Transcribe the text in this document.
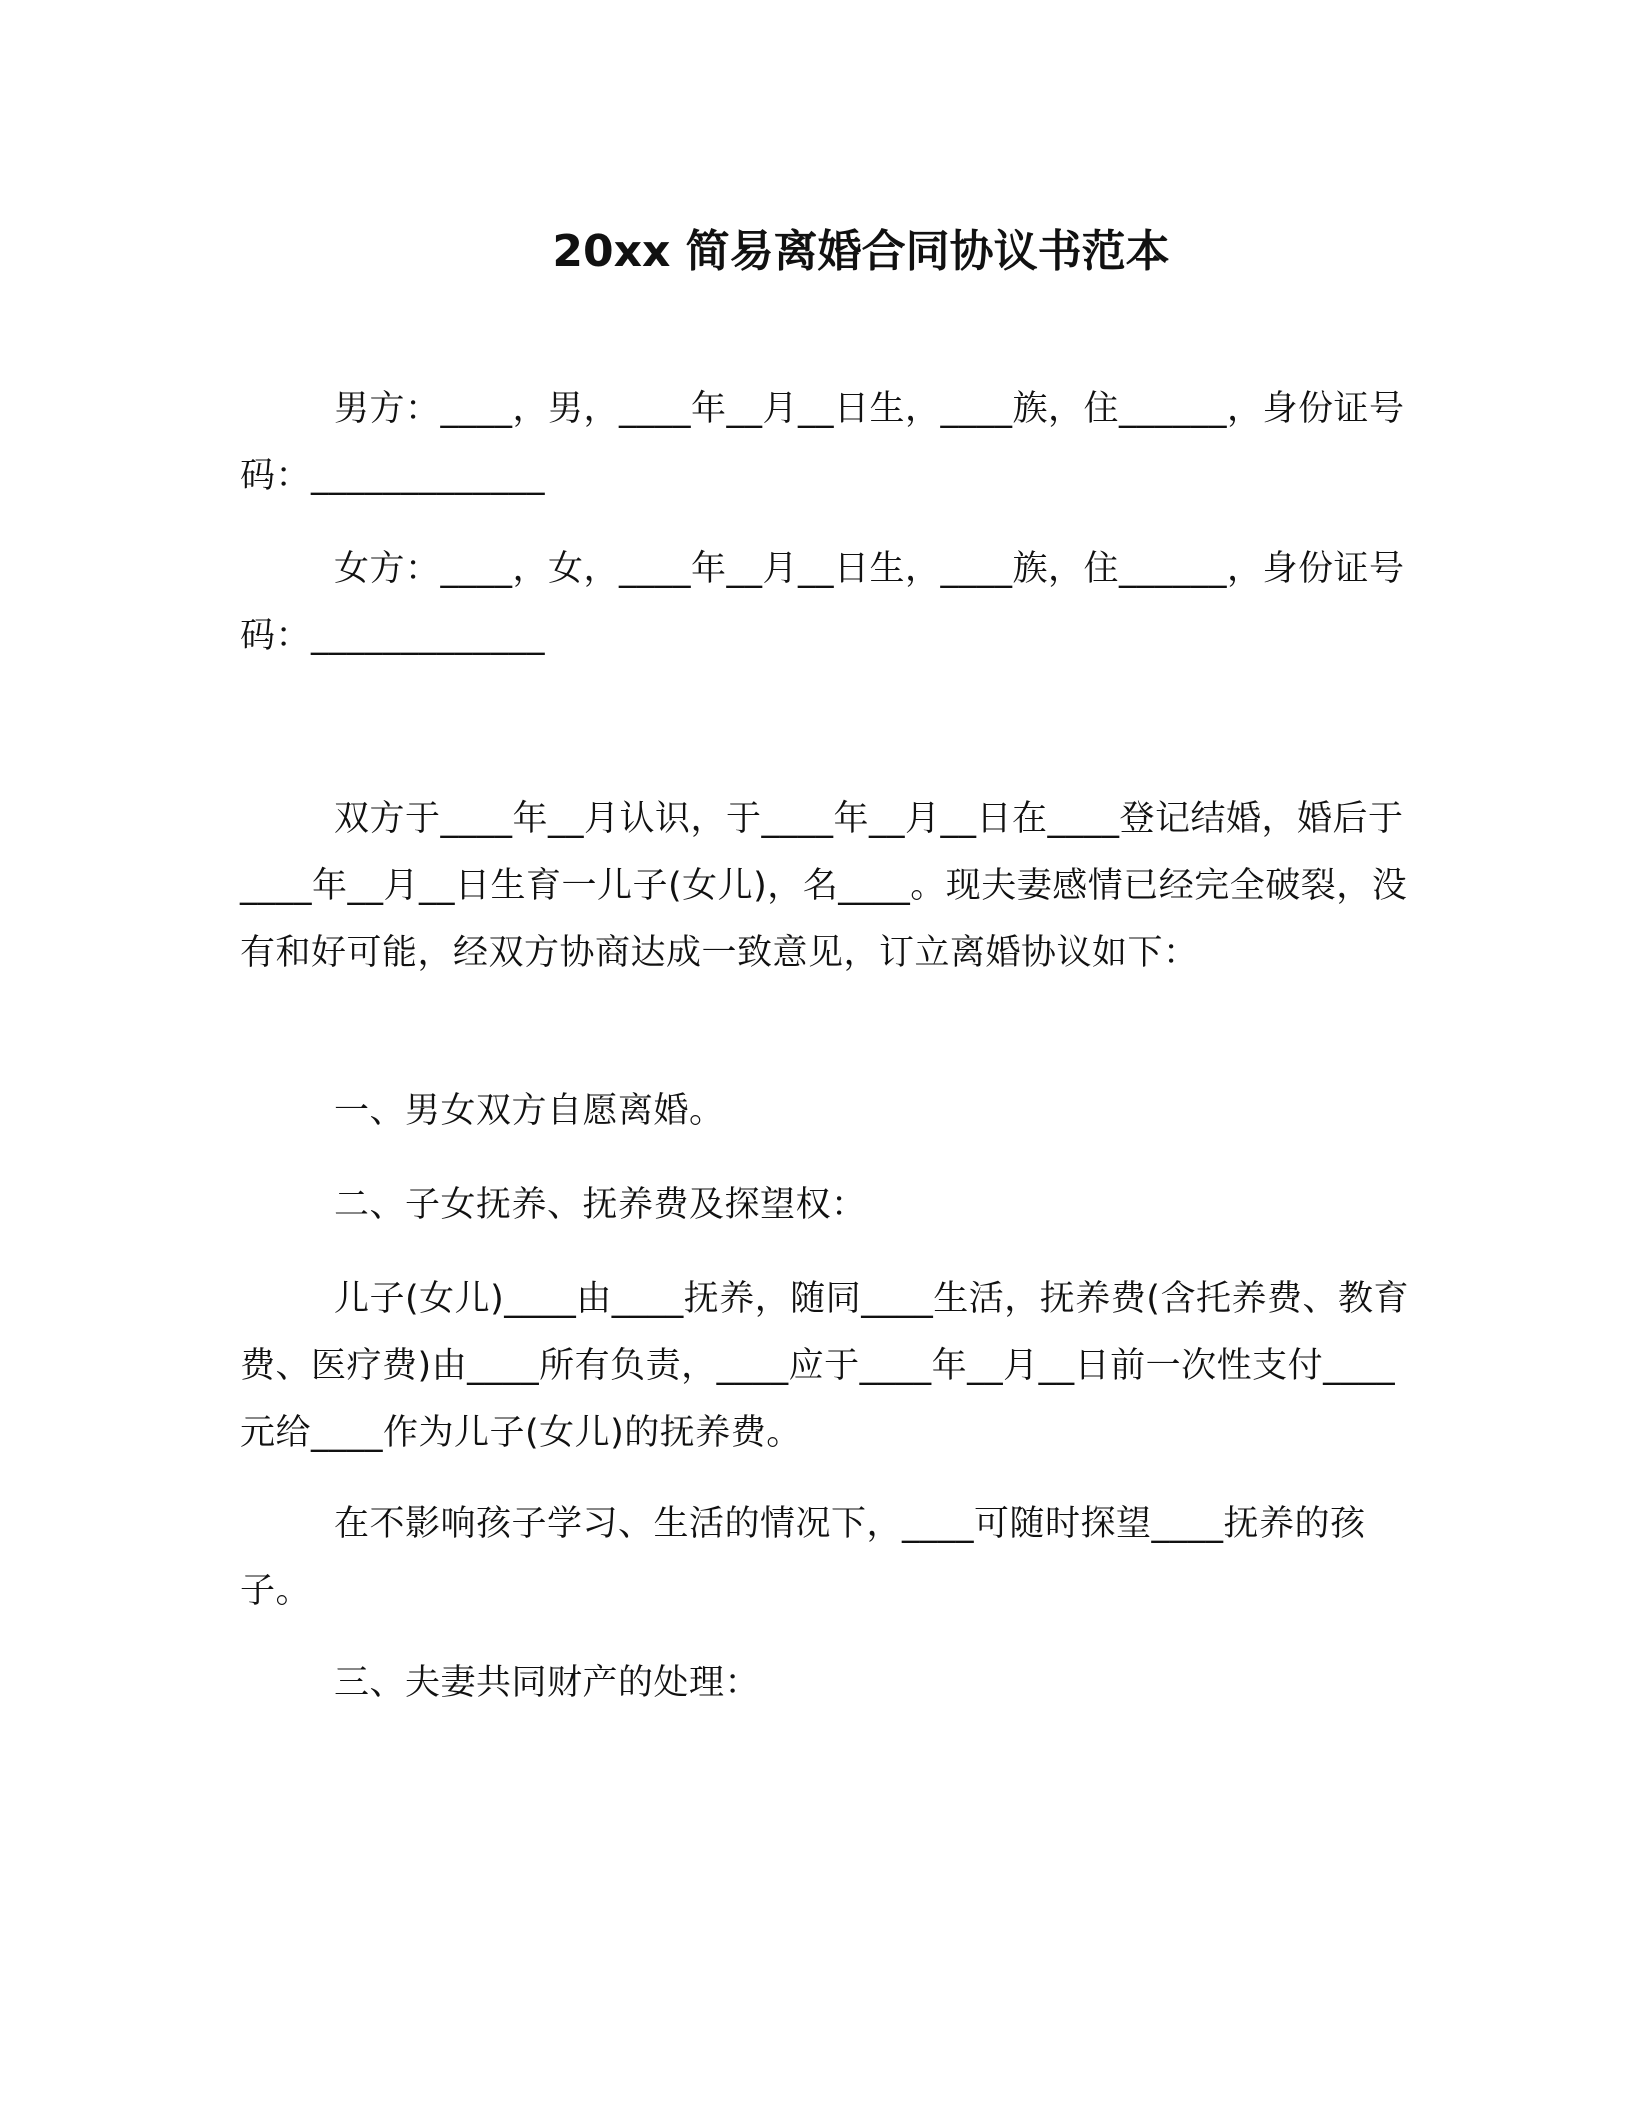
20xx 简易离婚合同协议书范本

男方：____，男，____年__月__日生，____族，住______，身份证号码：_____________

女方：____，女，____年__月__日生，____族，住______，身份证号码：_____________

双方于____年__月认识，于____年__月__日在____登记结婚，婚后于____年__月__日生育一儿子(女儿)，名____。现夫妻感情已经完全破裂，没有和好可能，经双方协商达成一致意见，订立离婚协议如下：

一、男女双方自愿离婚。

二、子女抚养、抚养费及探望权：

儿子(女儿)____由____抚养，随同____生活，抚养费(含托养费、教育费、医疗费)由____所有负责，____应于____年__月__日前一次性支付____元给____作为儿子(女儿)的抚养费。

在不影响孩子学习、生活的情况下，____可随时探望____抚养的孩子。

三、夫妻共同财产的处理：
